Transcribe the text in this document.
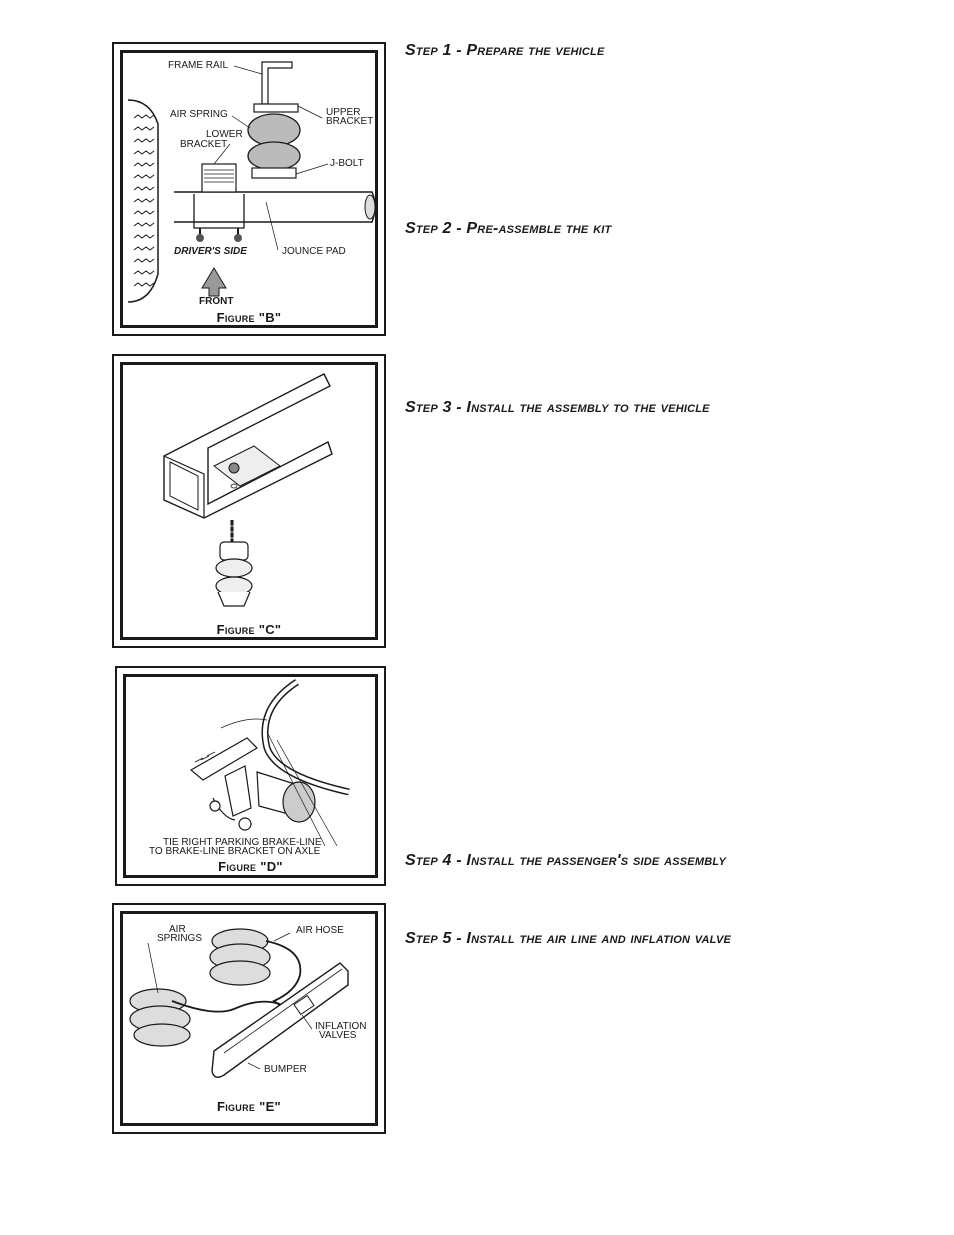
FRAME RAIL
AIR SPRING	UPPER
BRACKET
LOWER
BRACKET
J-BOLT
DRIVER'S SIDE	JOUNCE PAD
FRONT
Figure "B"
Figure "C"
TIE RIGHT PARKING BRAKE-LINE
TO BRAKE-LINE BRACKET ON AXLE
Figure "D"
AIR
SPRINGS
AIR HOSE
INFLATION
VALVES
BUMPER
Figure "E"
Step 1 - Prepare the vehicle
Step 2 - Pre-assemble the kit
Step 3 - Install the assembly to the vehicle
Step 4 - Install the passenger's side assembly
Step 5 - Install the air line and inflation valve
